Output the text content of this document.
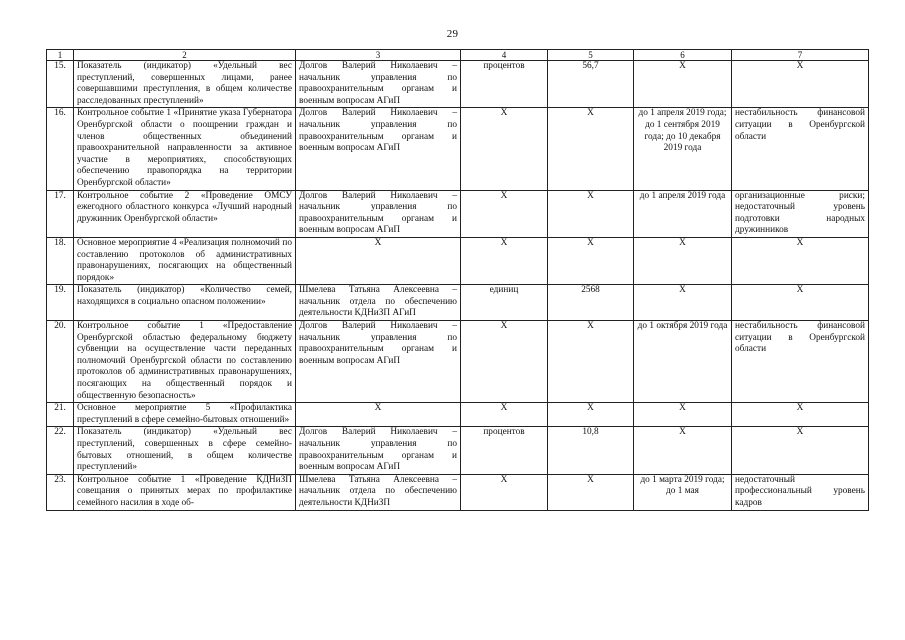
29
1	2	3	4	5	6	7
15.	Показатель (индикатор) «Удельный вес преступлений, совершенных лицами, ранее совершавшими преступления, в общем количестве расследованных преступлений»	Долгов Валерий Николаевич – начальник управления по правоохранительным органам и военным вопросам АГиП	процентов	56,7	Х	Х
16.	Контрольное событие 1 «Принятие указа Губернатора Оренбургской области о поощрении граждан и членов общественных объединений правоохранительной направленности за активное участие в мероприятиях, способствующих обеспечению правопорядка на территории Оренбургской области»	Долгов Валерий Николаевич – начальник управления по правоохранительным органам и военным вопросам АГиП	Х	Х	до 1 апреля 2019 года; до 1 сентября 2019 года; до 10 декабря 2019 года	нестабильность финансовой ситуации в Оренбургской области
17.	Контрольное событие 2 «Проведение ОМСУ ежегодного областного конкурса «Лучший народный дружинник Оренбургской области»	Долгов Валерий Николаевич – начальник управления по правоохранительным органам и военным вопросам АГиП	Х	Х	до 1 апреля 2019 года	организационные риски; недостаточный уровень подготовки народных дружинников
18.	Основное мероприятие 4 «Реализация полномочий по составлению протоколов об административных правонарушениях, посягающих на общественный порядок»	Х	Х	Х	Х	Х
19.	Показатель (индикатор) «Количество семей, находящихся в социально опасном положении»	Шмелева Татьяна Алексеевна – начальник отдела по обеспечению деятельности КДНиЗП АГиП	единиц	2568	Х	Х
20.	Контрольное событие 1 «Предоставление Оренбургской областью федеральному бюджету субвенции на осуществление части переданных полномочий Оренбургской области по составлению протоколов об административных правонарушениях, посягающих на общественный порядок и общественную безопасность»	Долгов Валерий Николаевич – начальник управления по правоохранительным органам и военным вопросам АГиП	Х	Х	до 1 октября 2019 года	нестабильность финансовой ситуации в Оренбургской области
21.	Основное мероприятие 5 «Профилактика преступлений в сфере семейно-бытовых отношений»	Х	Х	Х	Х	Х
22.	Показатель (индикатор) «Удельный вес преступлений, совершенных в сфере семейно-бытовых отношений, в общем количестве преступлений»	Долгов Валерий Николаевич – начальник управления по правоохранительным органам и военным вопросам АГиП	процентов	10,8	Х	Х
23.	Контрольное событие 1 «Проведение КДНиЗП совещания о принятых мерах по профилактике семейного насилия в ходе об-	Шмелева Татьяна Алексеевна – начальник отдела по обеспечению деятельности КДНиЗП	Х	Х	до 1 марта 2019 года; до 1 мая	недостаточный профессиональный уровень кадров
